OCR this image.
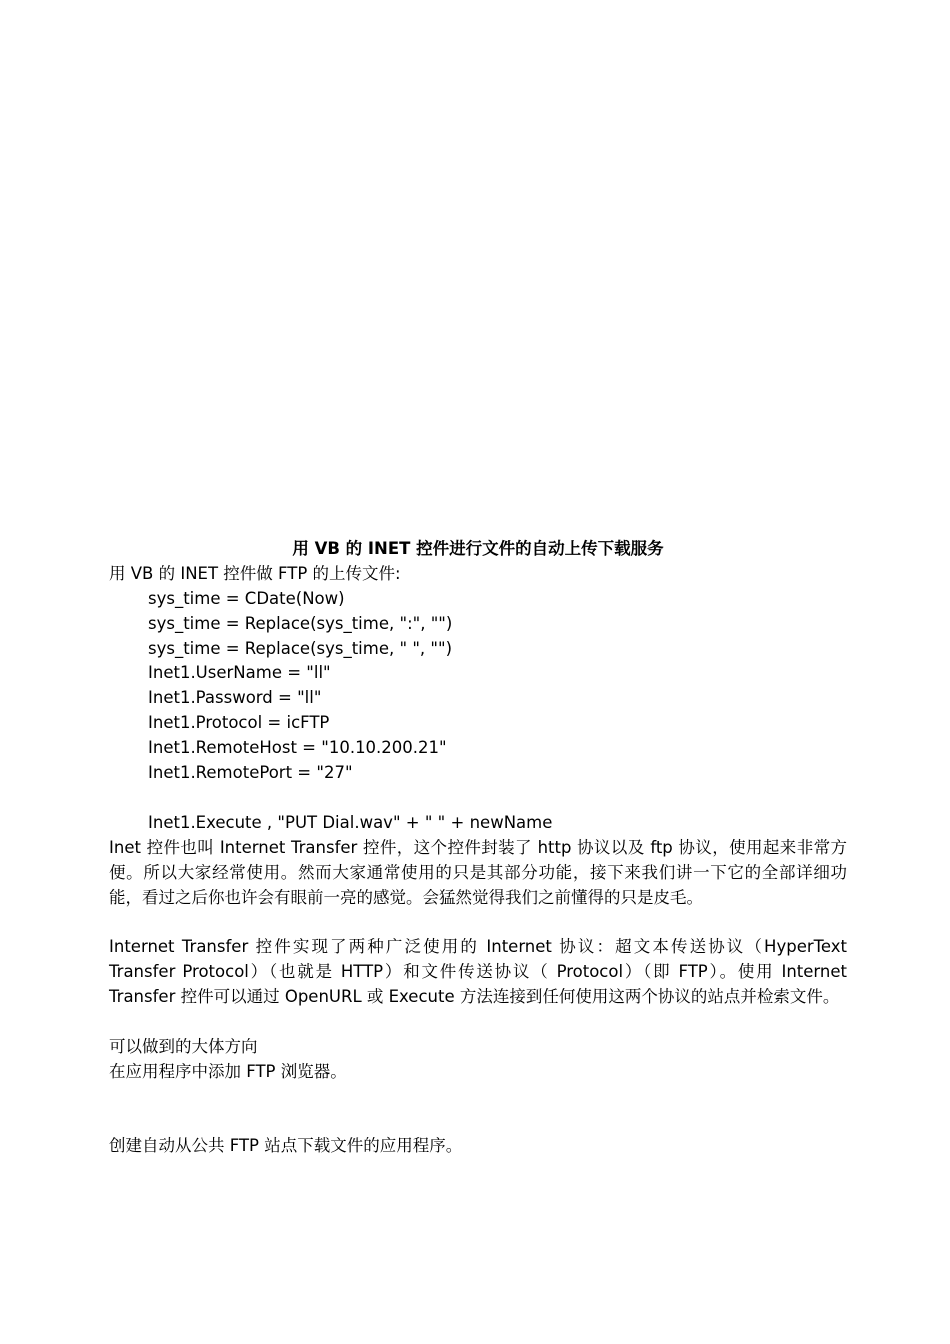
用 VB 的 INET 控件进行文件的自动上传下载服务
用 VB 的 INET 控件做 FTP 的上传文件:
sys_time = CDate(Now)
sys_time = Replace(sys_time, ":", "")
sys_time = Replace(sys_time, " ", "")
Inet1.UserName = "ll"
Inet1.Password = "ll"
Inet1.Protocol = icFTP
Inet1.RemoteHost = "10.10.200.21"
Inet1.RemotePort = "27"
Inet1.Execute , "PUT Dial.wav" + " " + newName
Inet 控件也叫 Internet Transfer 控件，这个控件封装了 http 协议以及 ftp 协议，使用起来非常方便。所以大家经常使用。然而大家通常使用的只是其部分功能，接下来我们讲一下它的全部详细功能，看过之后你也许会有眼前一亮的感觉。会猛然觉得我们之前懂得的只是皮毛。
Internet Transfer 控件实现了两种广泛使用的 Internet 协议：超文本传送协议（HyperText Transfer Protocol）（也就是 HTTP）和文件传送协议（ Protocol）（即 FTP）。使用 Internet Transfer 控件可以通过 OpenURL 或 Execute 方法连接到任何使用这两个协议的站点并检索文件。
可以做到的大体方向
在应用程序中添加 FTP 浏览器。
创建自动从公共 FTP 站点下载文件的应用程序。
